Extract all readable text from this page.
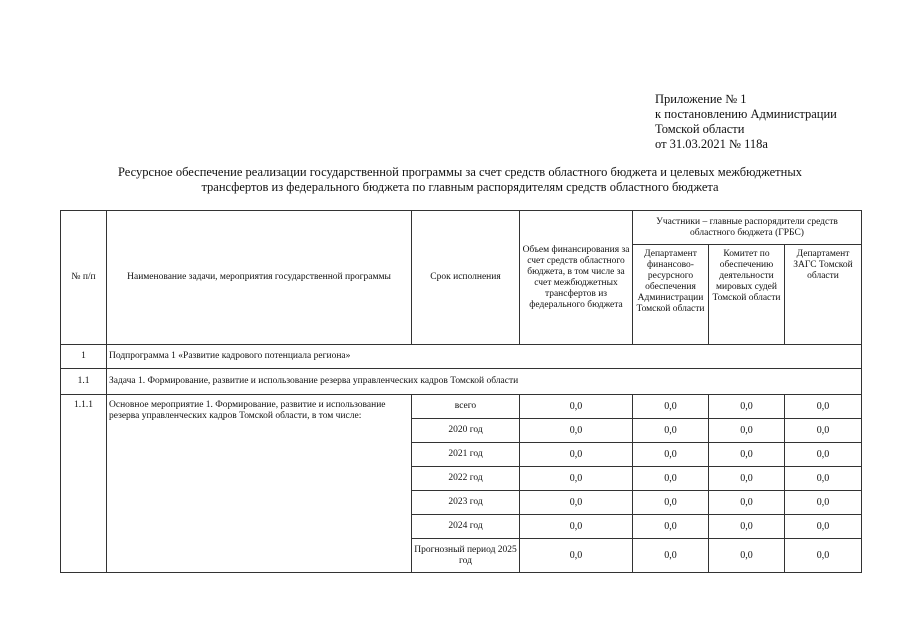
Приложение № 1
к постановлению Администрации
Томской области
от 31.03.2021 № 118а
Ресурсное обеспечение реализации государственной программы за счет средств областного бюджета и целевых межбюджетных
трансфертов из федерального бюджета по главным распорядителям средств областного бюджета
№ п/п	Наименование задачи, мероприятия государственной программы	Срок исполнения	Объем финансирования за счет средств областного бюджета, в том числе за счет межбюджетных трансфертов из федерального бюджета	Участники – главные распорядители средств областного бюджета (ГРБС)		
				Департамент финансово-ресурсного обеспечения Администрации Томской области	Комитет по обеспечению деятельности мировых судей Томской области	Департамент ЗАГС Томской области
1	Подпрограмма 1 «Развитие кадрового потенциала региона»					
1.1	Задача 1. Формирование, развитие и использование резерва управленческих кадров Томской области					
1.1.1	Основное мероприятие 1. Формирование, развитие и использование резерва управленческих кадров Томской области, в том числе:	всего	0,0	0,0	0,0	0,0
		2020 год	0,0	0,0	0,0	0,0
		2021 год	0,0	0,0	0,0	0,0
		2022 год	0,0	0,0	0,0	0,0
		2023 год	0,0	0,0	0,0	0,0
		2024 год	0,0	0,0	0,0	0,0
		Прогнозный период 2025 год	0,0	0,0	0,0	0,0
